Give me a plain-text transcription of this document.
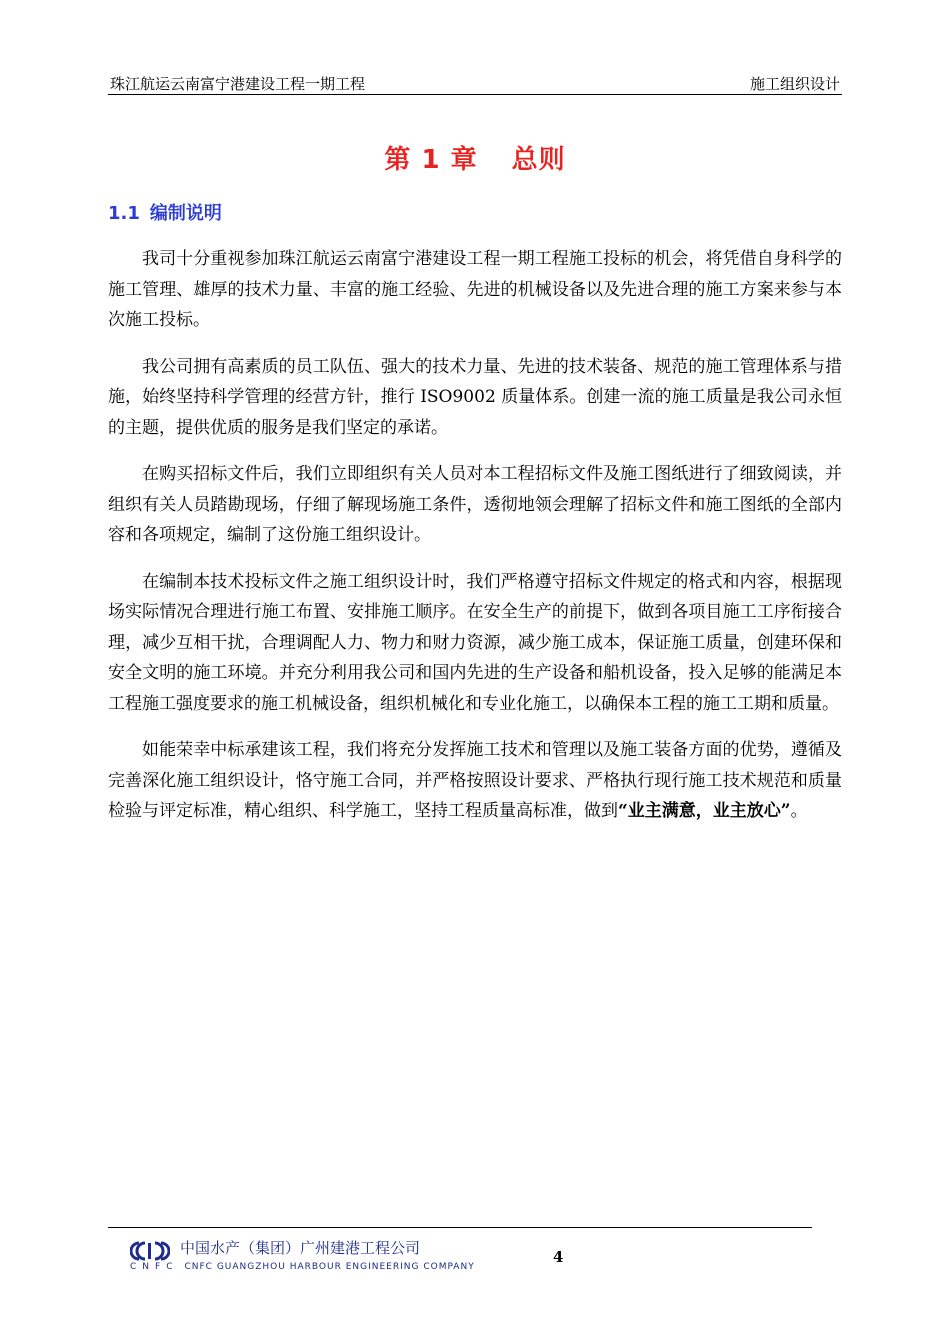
珠江航运云南富宁港建设工程一期工程	施工组织设计
第 1 章 总则
1.1 编制说明

我司十分重视参加珠江航运云南富宁港建设工程一期工程施工投标的机会，将凭借自身科学的施工管理、雄厚的技术力量、丰富的施工经验、先进的机械设备以及先进合理的施工方案来参与本次施工投标。

我公司拥有高素质的员工队伍、强大的技术力量、先进的技术装备、规范的施工管理体系与措施，始终坚持科学管理的经营方针，推行 ISO9002 质量体系。创建一流的施工质量是我公司永恒的主题，提供优质的服务是我们坚定的承诺。

在购买招标文件后，我们立即组织有关人员对本工程招标文件及施工图纸进行了细致阅读，并组织有关人员踏勘现场，仔细了解现场施工条件，透彻地领会理解了招标文件和施工图纸的全部内容和各项规定，编制了这份施工组织设计。

在编制本技术投标文件之施工组织设计时，我们严格遵守招标文件规定的格式和内容，根据现场实际情况合理进行施工布置、安排施工顺序。在安全生产的前提下，做到各项目施工工序衔接合理，减少互相干扰，合理调配人力、物力和财力资源，减少施工成本，保证施工质量，创建环保和安全文明的施工环境。并充分利用我公司和国内先进的生产设备和船机设备，投入足够的能满足本工程施工强度要求的施工机械设备，组织机械化和专业化施工，以确保本工程的施工工期和质量。

如能荣幸中标承建该工程，我们将充分发挥施工技术和管理以及施工装备方面的优势，遵循及完善深化施工组织设计，恪守施工合同，并严格按照设计要求、严格执行现行施工技术规范和质量检验与评定标准，精心组织、科学施工，坚持工程质量高标准，做到“业主满意，业主放心”。

中国水产（集团）广州建港工程公司
CNFC CNFC GUANGZHOU HARBOUR ENGINEERING COMPANY
4
